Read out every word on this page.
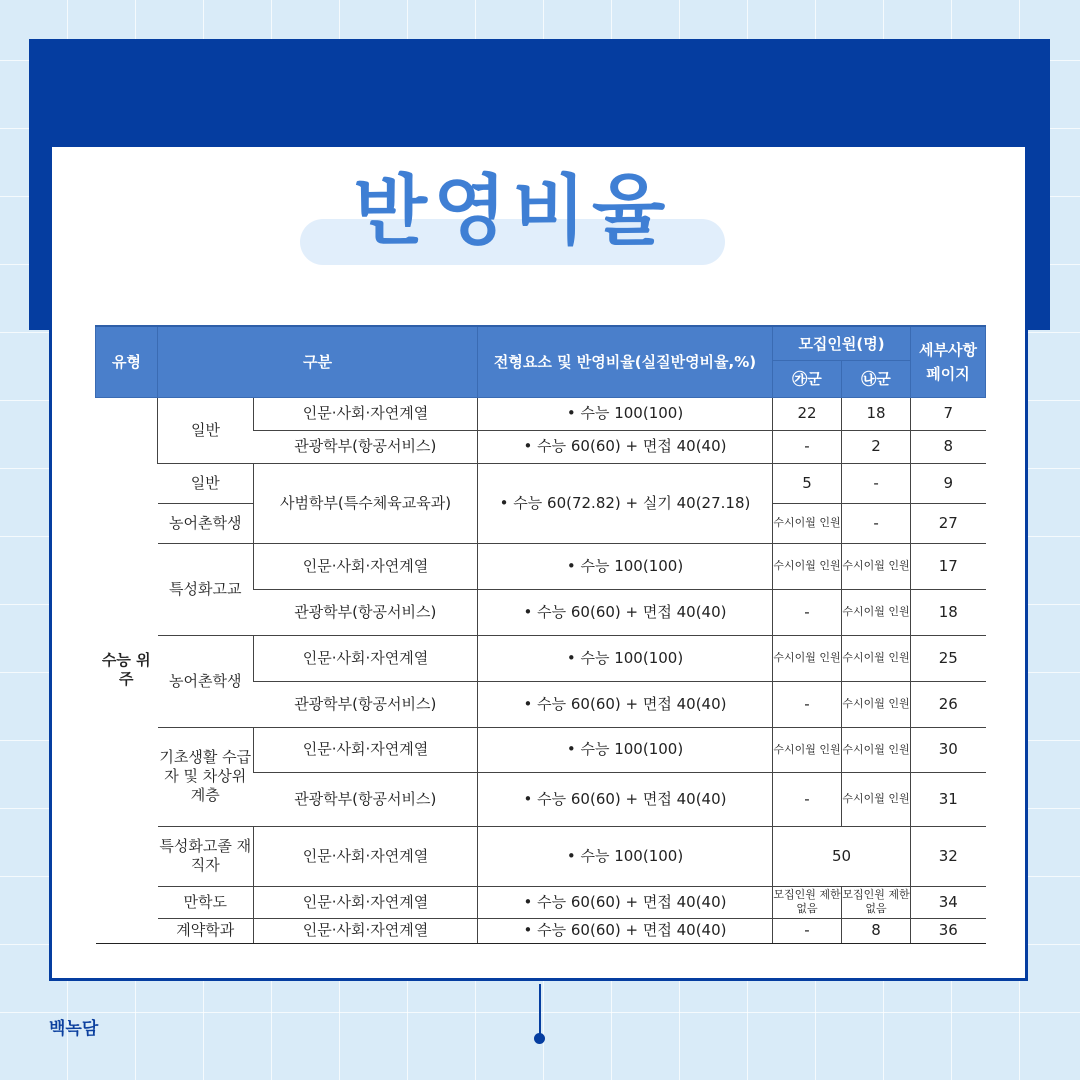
반영비율
유형	구분		전형요소 및 반영비율(실질반영비율,%)	모집인원(명)		세부사항 페이지
				㉮군	㉯군	
수능 위주	일반	인문·사회·자연계열	• 수능 100(100)	22	18	7
		관광학부(항공서비스)	• 수능 60(60) + 면접 40(40)	-	2	8
	일반	사범학부(특수체육교육과)	• 수능 60(72.82) + 실기 40(27.18)	5	-	9
	농어촌학생			수시이월 인원	-	27
	특성화고교	인문·사회·자연계열	• 수능 100(100)	수시이월 인원	수시이월 인원	17
		관광학부(항공서비스)	• 수능 60(60) + 면접 40(40)	-	수시이월 인원	18
	농어촌학생	인문·사회·자연계열	• 수능 100(100)	수시이월 인원	수시이월 인원	25
		관광학부(항공서비스)	• 수능 60(60) + 면접 40(40)	-	수시이월 인원	26
	기초생활 수급자 및 차상위계층	인문·사회·자연계열	• 수능 100(100)	수시이월 인원	수시이월 인원	30
		관광학부(항공서비스)	• 수능 60(60) + 면접 40(40)	-	수시이월 인원	31
	특성화고졸 재직자	인문·사회·자연계열	• 수능 100(100)	50		32
	만학도	인문·사회·자연계열	• 수능 60(60) + 면접 40(40)	모집인원 제한없음	모집인원 제한없음	34
	계약학과	인문·사회·자연계열	• 수능 60(60) + 면접 40(40)	-	8	36
백녹담
